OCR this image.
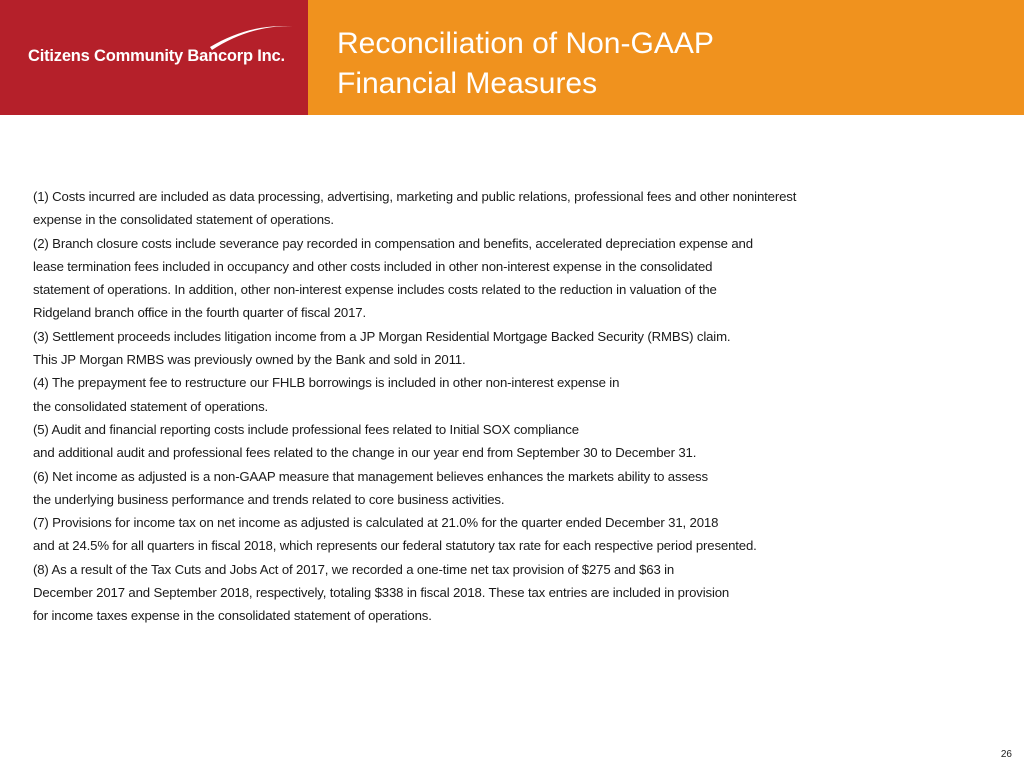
Citizens Community Bancorp Inc. Reconciliation of Non-GAAP
Financial Measures
(1) Costs incurred are included as data processing, advertising, marketing and public relations, professional fees and other noninterest
expense in the consolidated statement of operations.
(2) Branch closure costs include severance pay recorded in compensation and benefits, accelerated depreciation expense and
lease termination fees included in occupancy and other costs included in other non-interest expense in the consolidated
statement of operations. In addition, other non-interest expense includes costs related to the reduction in valuation of the
Ridgeland branch office in the fourth quarter of fiscal 2017.
(3) Settlement proceeds includes litigation income from a JP Morgan Residential Mortgage Backed Security (RMBS) claim.
This JP Morgan RMBS was previously owned by the Bank and sold in 2011.
(4) The prepayment fee to restructure our FHLB borrowings is included in other non-interest expense in
the consolidated statement of operations.
(5) Audit and financial reporting costs include professional fees related to Initial SOX compliance
and additional audit and professional fees related to the change in our year end from September 30 to December 31.
(6) Net income as adjusted is a non-GAAP measure that management believes enhances the markets ability to assess
the underlying business performance and trends related to core business activities.
(7) Provisions for income tax on net income as adjusted is calculated at 21.0% for the quarter ended December 31, 2018
and at 24.5% for all quarters in fiscal 2018, which represents our federal statutory tax rate for each respective period presented.
(8) As a result of the Tax Cuts and Jobs Act of 2017, we recorded a one-time net tax provision of $275 and $63 in
December 2017 and September 2018, respectively, totaling $338 in fiscal 2018. These tax entries are included in provision
for income taxes expense in the consolidated statement of operations.
26
